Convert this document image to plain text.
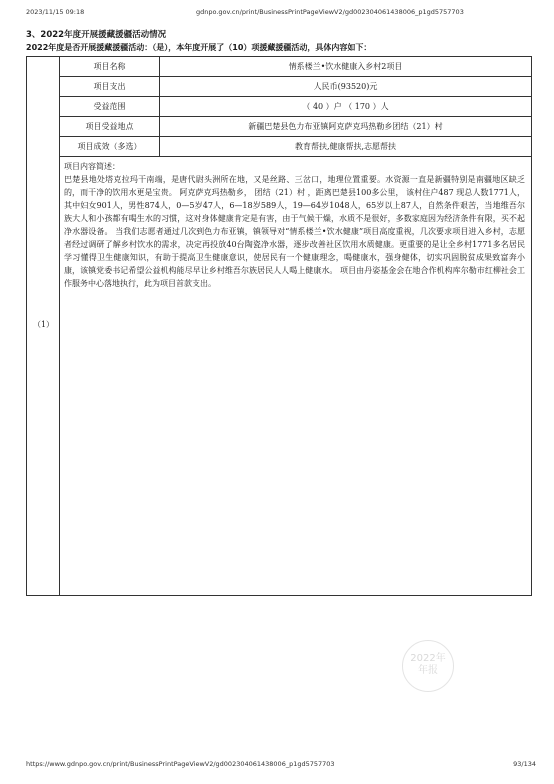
2023/11/15 09:18	gdnpo.gov.cn/print/BusinessPrintPageViewV2/gd002304061438006_p1gd5757703
3、2022年度开展援藏援疆活动情况
2022年度是否开展援藏援疆活动：（是），本年度开展了（10）项援藏援疆活动，具体内容如下：
（1）
项目名称	情系楼兰•饮水健康入乡村2项目
项目支出	人民币(93520)元
受益范围	（ 40 ）户 （ 170 ）人
项目受益地点	新疆巴楚县色力布亚镇阿克萨克玛热勒乡团结（21）村
项目成效（多选）	教育帮扶,健康帮扶,志愿帮扶
项目内容简述：
巴楚县地处塔克拉玛干南端，是唐代尉头洲所在地，又是丝路、三岔口，地理位置重要。水资源一直是新疆特别是南疆地区缺乏的，而干净的饮用水更是宝贵。 阿克萨克玛热勒乡， 团结（21）村 ，距离巴楚县100多公里， 该村住户487 现总人数1771人，其中妇女901人，男性874人，0—5岁47人，6—18岁589人，19—64岁1048人，65岁以上87人，自然条件艰苦，当地维吾尔族大人和小孩都有喝生水的习惯，这对身体健康肯定是有害，由于气候干燥，水质不是很好，多数家庭因为经济条件有限，买不起净水器设备。 当我们志愿者通过几次到色力布亚镇，镇领导对“情系楼兰•饮水健康”项目高度重视，几次要求项目进入乡村，志愿者经过调研了解乡村饮水的需求，决定再投放40台陶瓷净水器，逐步改善社区饮用水质健康。更重要的是让全乡村1771多名居民学习懂得卫生健康知识，有助于提高卫生健康意识，使居民有一个健康理念，喝健康水，强身健体，切实巩固脱贫成果致富奔小康，该镇党委书记希望公益机构能尽早让乡村维吾尔族居民人人喝上健康水。 项目由丹姿基金会在地合作机构库尔勒市红柳社会工作服务中心落地执行，此为项目首款支出。
2022年
年报
https://www.gdnpo.gov.cn/print/BusinessPrintPageViewV2/gd002304061438006_p1gd5757703	93/134
